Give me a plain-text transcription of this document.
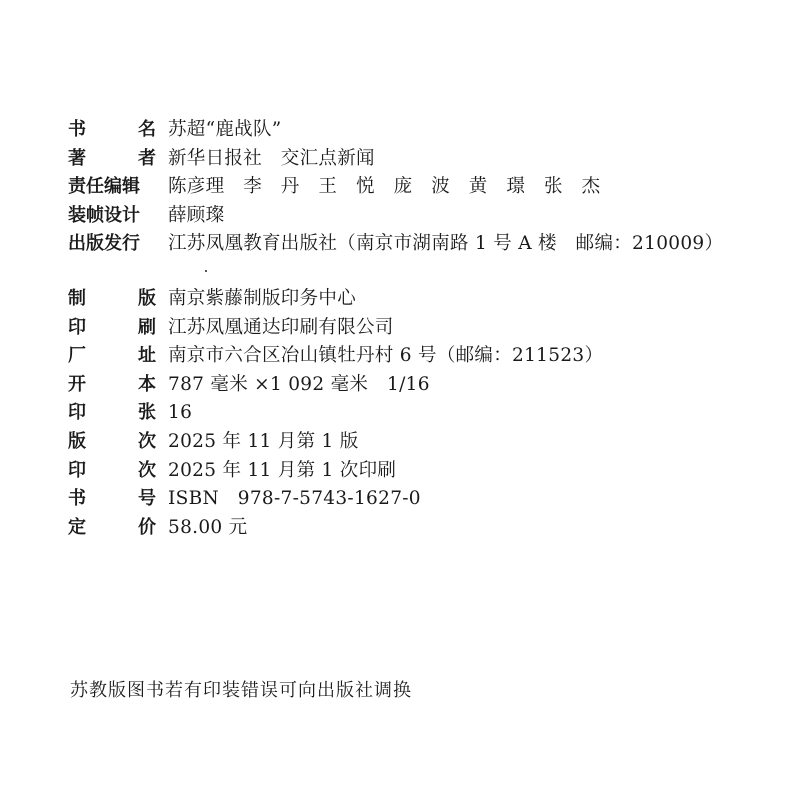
书	名 苏超“鹿战队”
著	者 新华日报社　交汇点新闻
责任编辑 陈彦理　李　丹　王　悦　庞　波　黄　璟　张　杰
装帧设计 薛顾璨
出版发行 江苏凤凰教育出版社（南京市湖南路 1 号 A 楼　邮编：210009）
制	版 南京紫藤制版印务中心
印	刷 江苏凤凰通达印刷有限公司
厂	址 南京市六合区冶山镇牡丹村 6 号（邮编：211523）
开	本 787 毫米 ×1 092 毫米　1/16
印	张 16
版	次 2025 年 11 月第 1 版
印	次 2025 年 11 月第 1 次印刷
书	号 ISBN　978-7-5743-1627-0
定	价 58.00 元
苏教版图书若有印装错误可向出版社调换
